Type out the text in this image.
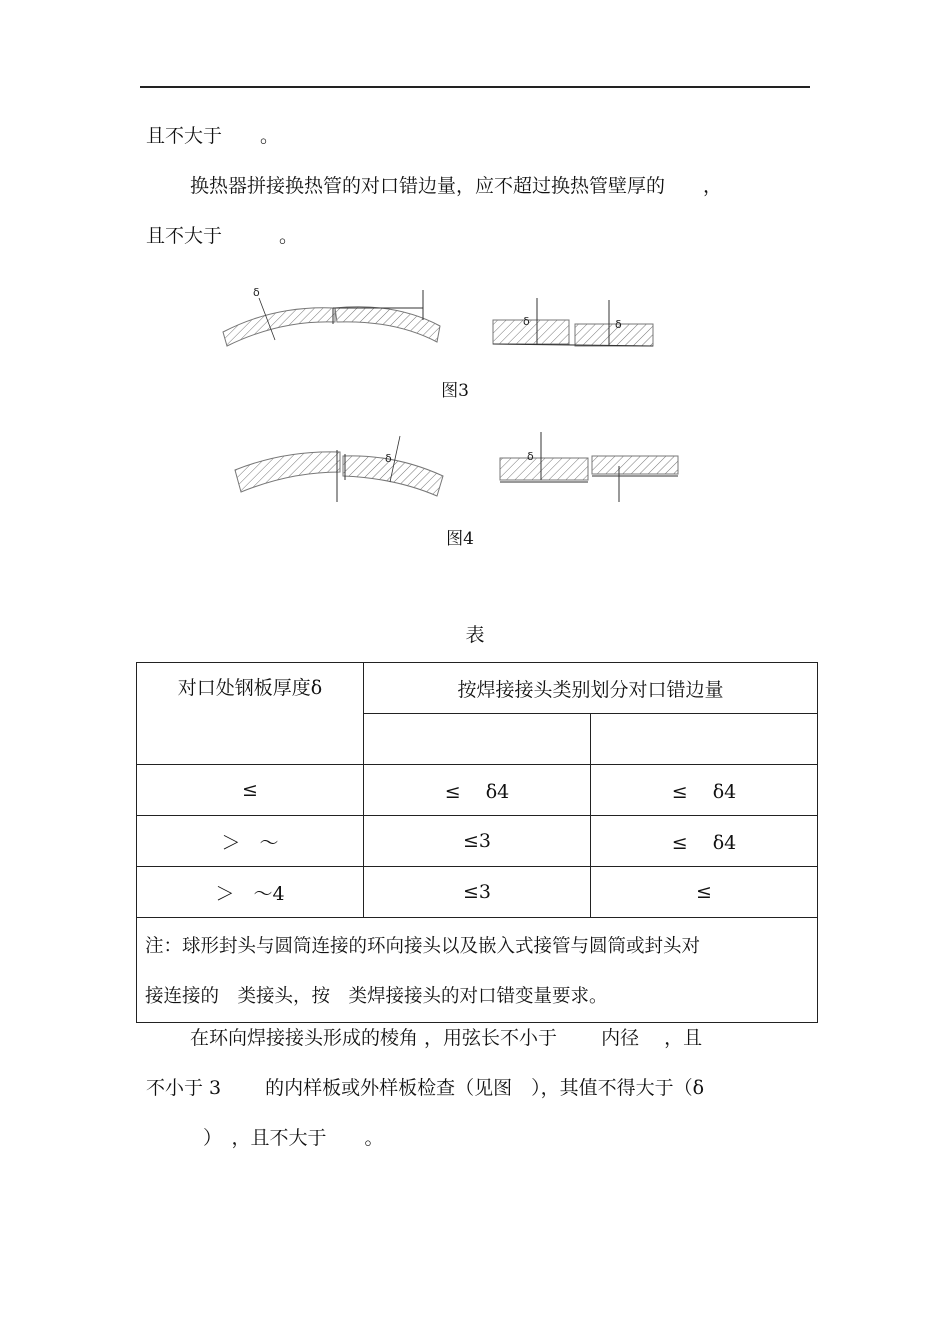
且不大于　　。
　换热器拼接换热管的对口错边量，应不超过换热管壁厚的　　，
且不大于　　　。
δ
δ	δ
图3
δ	δ
图4
表
对口处钢板厚度δ	按焊接接头类别划分对口错边量	

≤	≤　 δ4	≤　 δ4
＞　～	≤3	≤　 δ4
＞　～4	≤3	≤

注：球形封头与圆筒连接的环向接头以及嵌入式接管与圆筒或封头对
接连接的　类接头，按　类焊接接头的对口错变量要求。		
　在环向焊接接头形成的棱角 ，用弦长不小于　　 内径 　，且
不小于 3　　 的内样板或外样板检查（见图　），其值不得大于（δ
　　　）　，且不大于　　。
